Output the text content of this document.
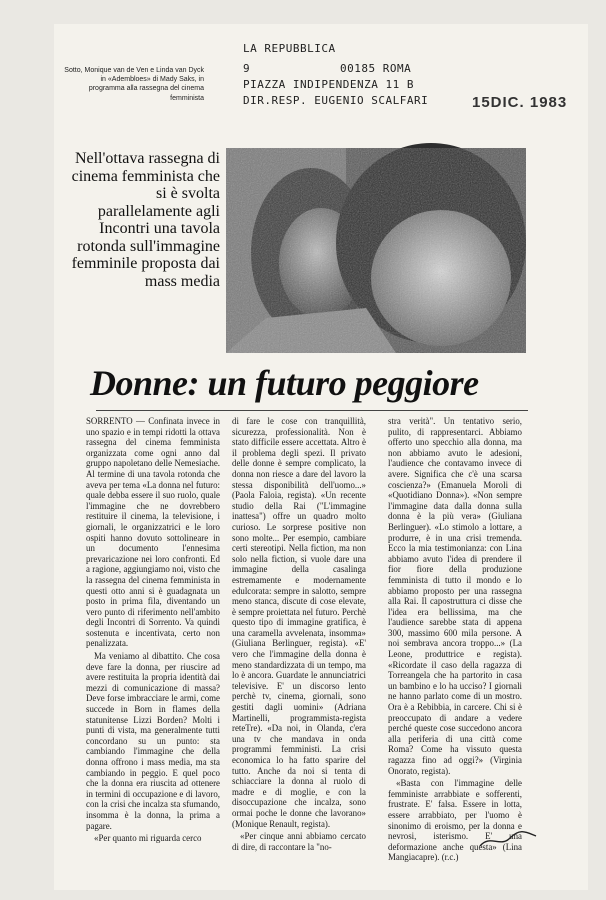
LA REPUBBLICA
9	00185 ROMA
PIAZZA INDIPENDENZA 11 B
DIR.RESP. EUGENIO SCALFARI	15DIC. 1983
Sotto, Monique van de Ven e Linda van Dyck in «Adembloes» di Mady Saks, in programma alla rassegna del cinema femminista
Nell'ottava rassegna di cinema femminista che si è svolta parallelamente agli Incontri una tavola rotonda sull'immagine femminile proposta dai mass media
Donne: un futuro peggiore

SORRENTO — Confinata invece in uno spazio e in tempi ridotti la ottava rassegna del cinema femminista organizzata come ogni anno dal gruppo napoletano delle Nemesiache. Al termine di una tavola rotonda che aveva per tema «La donna nel futuro: quale debba essere il suo ruolo, quale l'immagine che ne dovrebbero restituire il cinema, la televisione, i giornali, le organizzatrici e le loro ospiti hanno dovuto sottolineare in un documento l'ennesima prevaricazione nei loro confronti. Ed a ragione, aggiungiamo noi, visto che la rassegna del cinema femminista in questi otto anni si è guadagnata un posto in prima fila, diventando un vero punto di riferimento nell'ambito degli Incontri di Sorrento. Va quindi sostenuta e incentivata, certo non penalizzata.

Ma veniamo al dibattito. Che cosa deve fare la donna, per riuscire ad avere restituita la propria identità dai mezzi di comunicazione di massa? Deve forse imbracciare le armi, come succede in Born in flames della statunitense Lizzi Borden? Molti i punti di vista, ma generalmente tutti concordano su un punto: sta cambiando l'immagine che della donna offrono i mass media, ma sta cambiando in peggio. E quel poco che la donna era riuscita ad ottenere in termini di occupazione e di lavoro, con la crisi che incalza sta sfumando, insomma è la donna, la prima a pagare.

«Per quanto mi riguarda cerco

di fare le cose con tranquillità, sicurezza, professionalità. Non è stato difficile essere accettata. Altro è il problema degli spezi. Il privato delle donne è sempre complicato, la donna non riesce a dare del lavoro la stessa disponibilità dell'uomo...» (Paola Faloia, regista). «Un recente studio della Rai ("L'immagine inattesa") offre un quadro molto curioso. Le sorprese positive non sono molte... Per esempio, cambiare certi stereotipi. Nella fiction, ma non solo nella fiction, si vuole dare una immagine della casalinga estremamente e modernamente edulcorata: sempre in salotto, sempre meno stanca, discute di cose elevate, è sempre proiettata nel futuro. Perchè questo tipo di immagine gratifica, è una caramella avvelenata, insomma» (Giuliana Berlinguer, regista). «E' vero che l'immagine della donna è meno standardizzata di un tempo, ma lo è ancora. Guardate le annunciatrici televisive. E' un discorso lento perchè tv, cinema, giornali, sono gestiti dagli uomini» (Adriana Martinelli, programmista-regista reteTre). «Da noi, in Olanda, c'era una tv che mandava in onda programmi femministi. La crisi economica lo ha fatto sparire del tutto. Anche da noi si tenta di schiacciare la donna al ruolo di madre e di moglie, e con la disoccupazione che incalza, sono ormai poche le donne che lavorano» (Monique Renault, regista).

«Per cinque anni abbiamo cercato di dire, di raccontare la "no-

stra verità". Un tentativo serio, pulito, di rappresentarci. Abbiamo offerto uno specchio alla donna, ma non abbiamo avuto le adesioni, l'audience che contavamo invece di avere. Significa che c'è una scarsa coscienza?» (Emanuela Moroli di «Quotidiano Donna»). «Non sempre l'immagine data dalla donna sulla donna è la più vera» (Giuliana Berlinguer). «Lo stimolo a lottare, a produrre, è in una crisi tremenda. Ecco la mia testimonianza: con Lina abbiamo avuto l'idea di prendere il fior fiore della produzione femminista di tutto il mondo e lo abbiamo proposto per una rassegna alla Rai. Il capostruttura ci disse che l'idea era bellissima, ma che l'audience sarebbe stata di appena 300, massimo 600 mila persone. A noi sembrava ancora troppo...» (La Leone, produttrice e regista). «Ricordate il caso della ragazza di Torreangela che ha partorito in casa un bambino e lo ha ucciso? I giornali ne hanno parlato come di un mostro. Ora è a Rebibbia, in carcere. Chi si è preoccupato di andare a vedere perché queste cose succedono ancora alla periferia di una città come Roma? Come ha vissuto questa ragazza fino ad oggi?» (Virginia Onorato, regista).

«Basta con l'immagine delle femministe arrabbiate e sofferenti, frustrate. E' falsa. Essere in lotta, essere arrabbiato, per l'uomo è sinonimo di eroismo, per la donna e nevrosi, isterismo. E' una deformazione anche questa» (Lina Mangiacapre). (r.c.)
